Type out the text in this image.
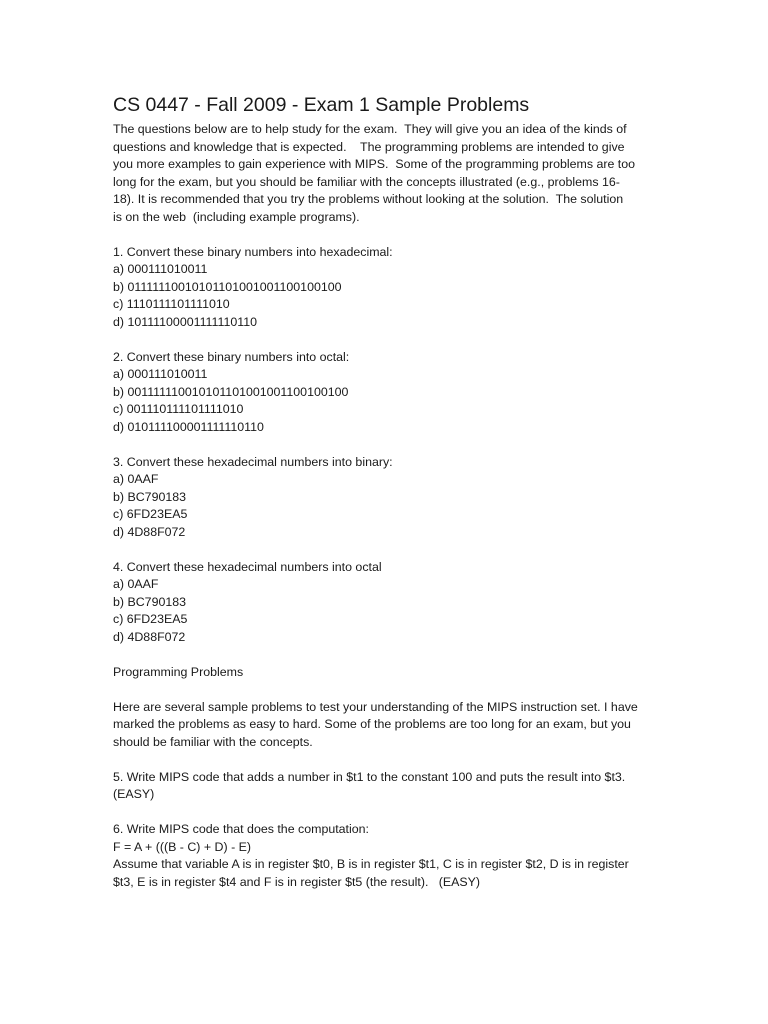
CS 0447 - Fall 2009 - Exam 1 Sample Problems

The questions below are to help study for the exam.  They will give you an idea of the kinds of

questions and knowledge that is expected.    The programming problems are intended to give

you more examples to gain experience with MIPS.  Some of the programming problems are too

long for the exam, but you should be familiar with the concepts illustrated (e.g., problems 16-

18). It is recommended that you try the problems without looking at the solution.  The solution

is on the web  (including example programs).

1. Convert these binary numbers into hexadecimal:

a) 000111010011

b) 01111110010101101001001100100100

c) 1110111101111010

d) 10111100001111110110

2. Convert these binary numbers into octal:

a) 000111010011

b) 00111111001010110100100110010010​0

c) 001110111101111010

d) 010111100001111110110

3. Convert these hexadecimal numbers into binary:

a) 0AAF

b) BC790183

c) 6FD23EA5

d) 4D88F072

4. Convert these hexadecimal numbers into octal

a) 0AAF

b) BC790183

c) 6FD23EA5

d) 4D88F072

Programming Problems

Here are several sample problems to test your understanding of the MIPS instruction set. I have

marked the problems as easy to hard. Some of the problems are too long for an exam, but you

should be familiar with the concepts.

5. Write MIPS code that adds a number in $t1 to the constant 100 and puts the result into $t3.

(EASY)

6. Write MIPS code that does the computation:

F = A + (((B - C) + D) - E)

Assume that variable A is in register $t0, B is in register $t1, C is in register $t2, D is in register

$t3, E is in register $t4 and F is in register $t5 (the result).   (EASY)
